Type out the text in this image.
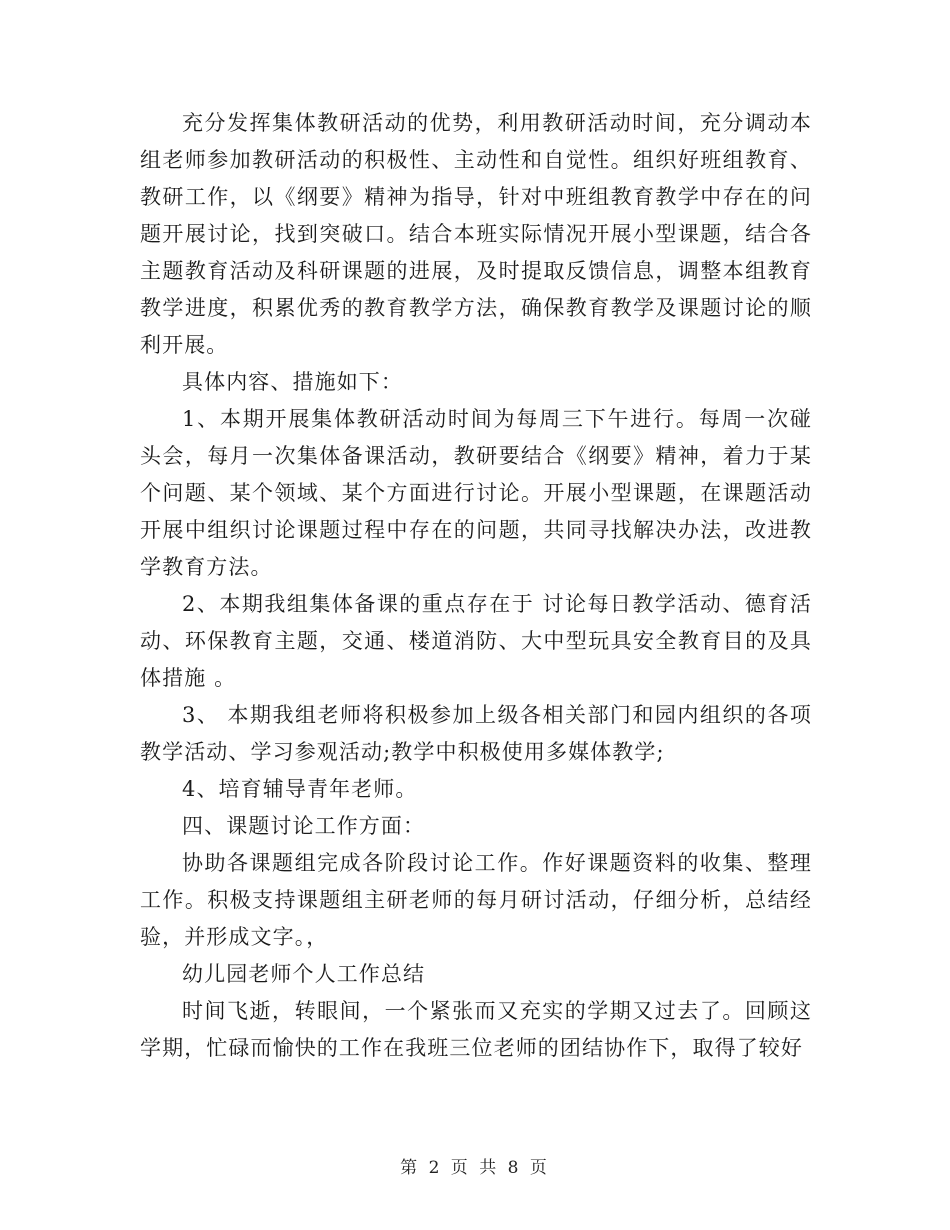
充分发挥集体教研活动的优势，利用教研活动时间，充分调动本组老师参加教研活动的积极性、主动性和自觉性。组织好班组教育、教研工作，以《纲要》精神为指导，针对中班组教育教学中存在的问题开展讨论，找到突破口。结合本班实际情况开展小型课题，结合各主题教育活动及科研课题的进展，及时提取反馈信息，调整本组教育教学进度，积累优秀的教育教学方法，确保教育教学及课题讨论的顺利开展。

具体内容、措施如下：

1、本期开展集体教研活动时间为每周三下午进行。每周一次碰头会，每月一次集体备课活动，教研要结合《纲要》精神，着力于某个问题、某个领域、某个方面进行讨论。开展小型课题，在课题活动开展中组织讨论课题过程中存在的问题，共同寻找解决办法，改进教学教育方法。

2、本期我组集体备课的重点存在于 讨论每日教学活动、德育活动、环保教育主题，交通、楼道消防、大中型玩具安全教育目的及具体措施 。

3、 本期我组老师将积极参加上级各相关部门和园内组织的各项教学活动、学习参观活动;教学中积极使用多媒体教学;

4、培育辅导青年老师。

四、课题讨论工作方面：

协助各课题组完成各阶段讨论工作。作好课题资料的收集、整理工作。积极支持课题组主研老师的每月研讨活动，仔细分析，总结经验，并形成文字。，

幼儿园老师个人工作总结

时间飞逝，转眼间，一个紧张而又充实的学期又过去了。回顾这学期，忙碌而愉快的工作在我班三位老师的团结协作下，取得了较好

第 2 页 共 8 页
